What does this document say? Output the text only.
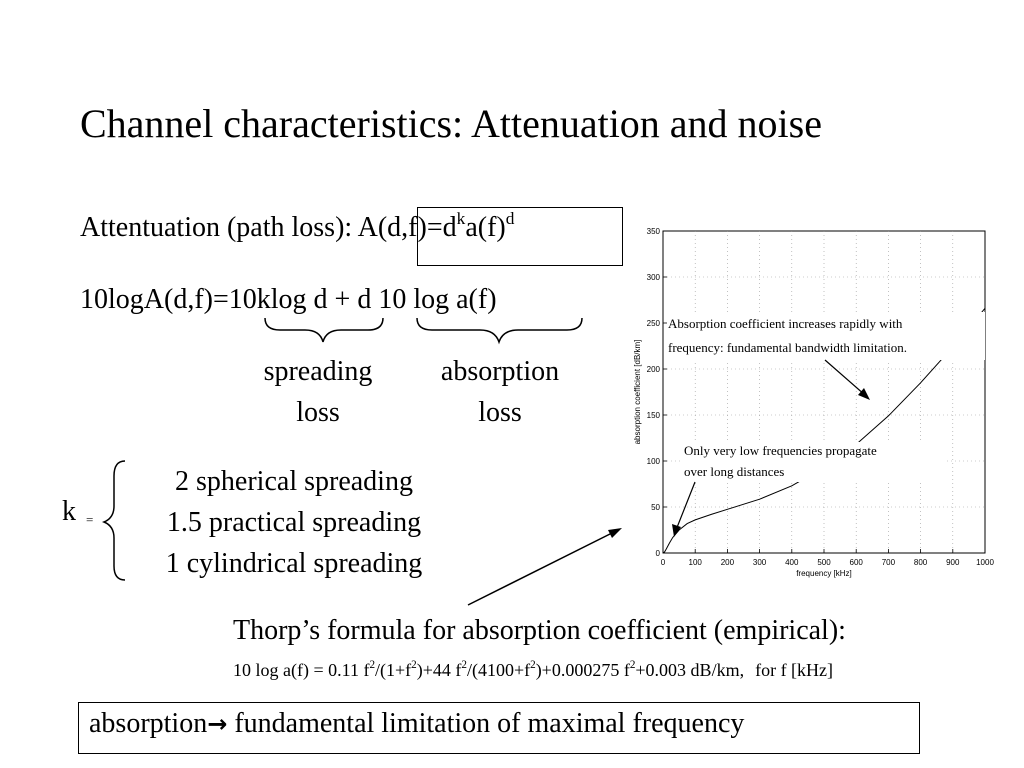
Channel characteristics: Attenuation and noise
Attentuation (path loss): $A(d,f)=d^ka(f)^d$
10logA(d,f)=10klog d + d 10 log a(f)
spreading
loss
absorption
loss
k =
2 spherical spreading
1.5 practical spreading
1 cylindrical spreading	0	100 200 300 400 500 600 700 800 900 1000
0
50
100
150
200
250
300
350
frequency [kHz]
absorption coefficient [dB/km]
Absorption coefficient increases rapidly with
frequency: fundamental bandwidth limitation.
Only very low frequencies propagate
over long distances
Thorp’s formula for absorption coefficient (empirical):
10 log a(f) = 0.11 $f^2/(1+f^2)+44$ $f^2/(4100+f^2)+0.000275$ $f^2+0.003$ dB/km, for f [kHz]
absorption→ fundamental limitation of maximal frequency
